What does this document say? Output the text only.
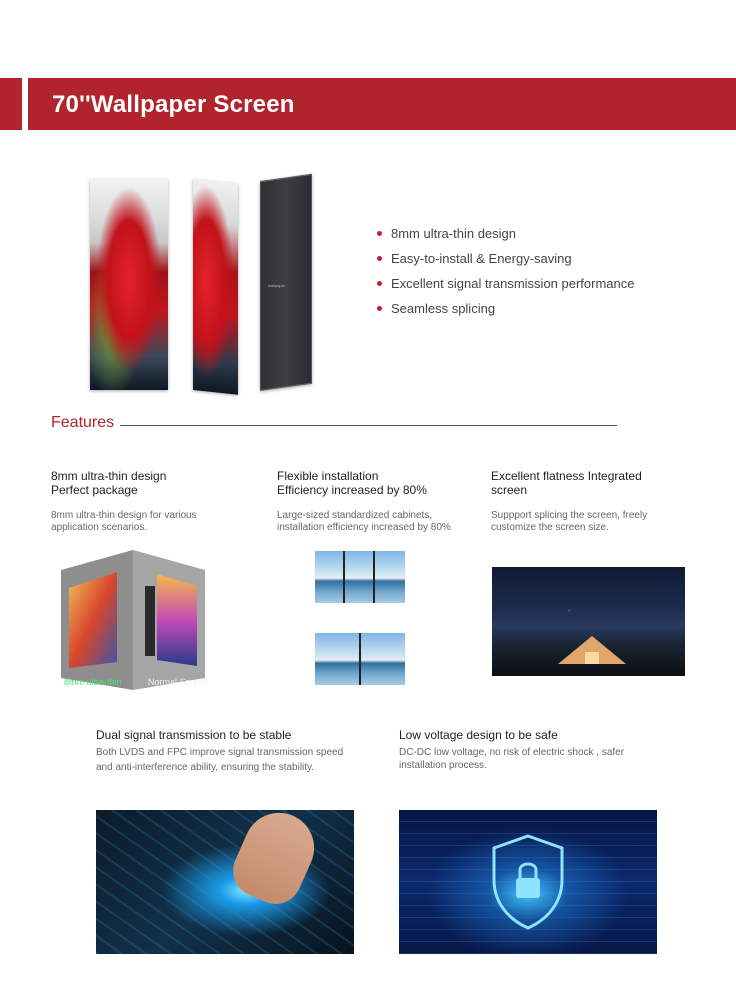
70''Wallpaper Screen
wallpaper
8mm ultra-thin design
Easy-to-install & Energy-saving
Excellent signal transmission performance
Seamless splicing
Features
8mm ultra-thin design
Perfect package
8mm ultra-thin design for various
application scenarios.
8mm ultra-thin	Normal Screen
Flexible installation
Efficiency increased by 80%
Large-sized standardized cabinets,
installation efficiency increased by 80%
Excellent flatness Integrated
screen
Suppport splicing the screen, freely
customize the screen size.
Dual signal transmission to be stable
Both LVDS and FPC improve signal transmission speed
and anti-interference ability, ensuring the stability.
Low voltage design to be safe
DC-DC low voltage, no risk of electric shock , safer
installation process.
